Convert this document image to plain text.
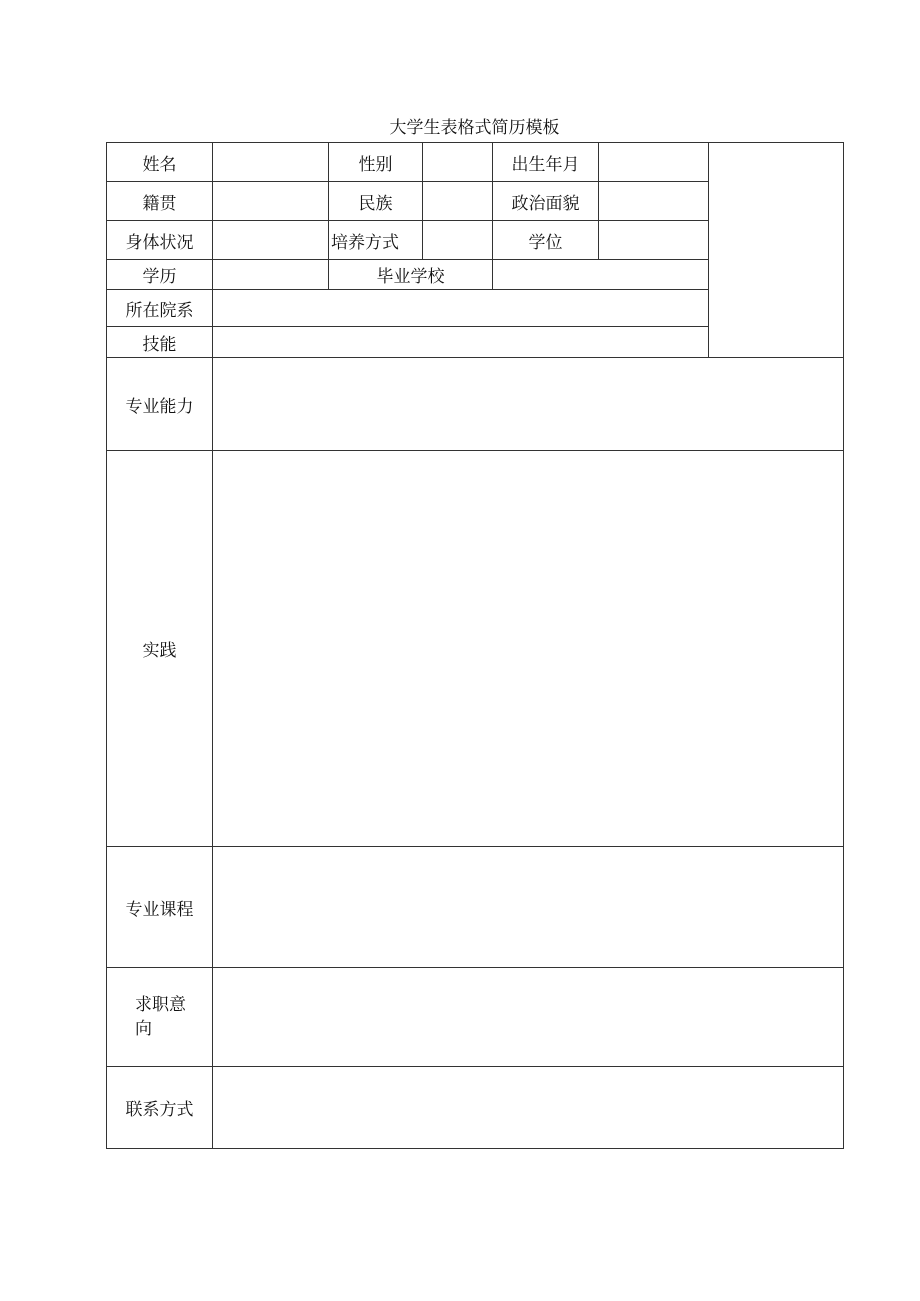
大学生表格式简历模板
姓名		性别		出生年月		
籍贯		民族		政治面貌		
身体状况		培养方式		学位		
学历		毕业学校				
所在院系						
技能						
专业能力						
实践						
专业课程						
求职意向						
联系方式						
